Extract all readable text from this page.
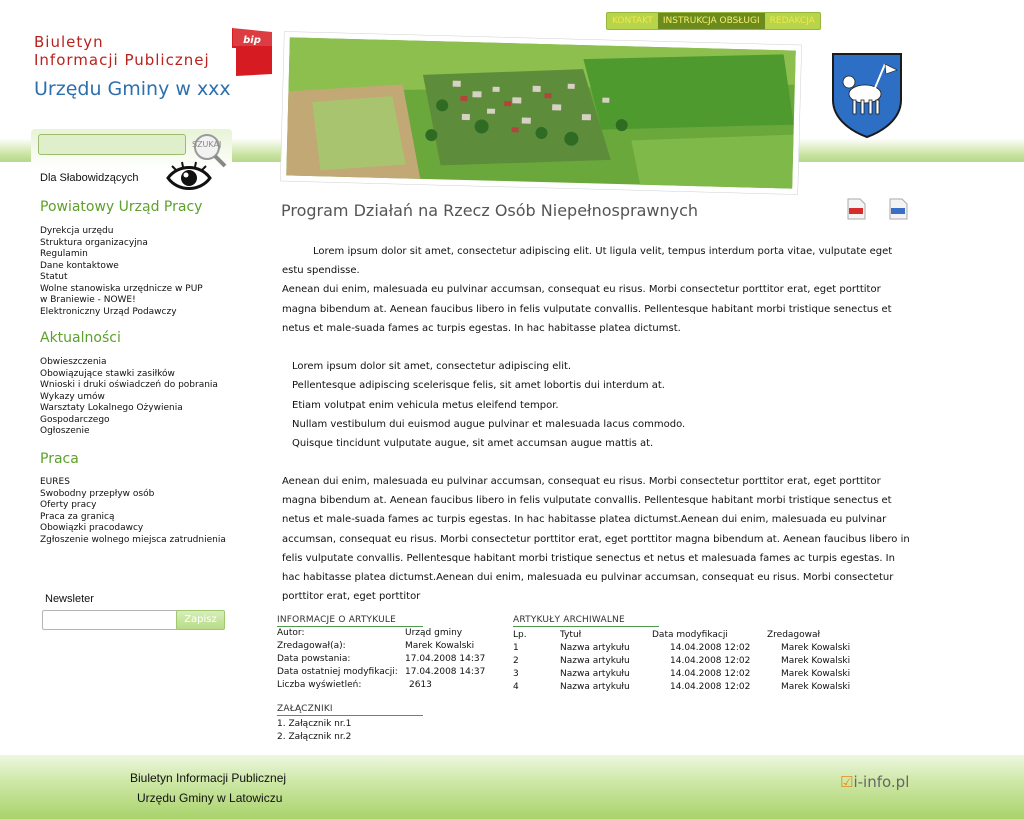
Biuletyn
Informacji Publicznej
Urzędu Gminy w xxx
bip
KONTAKT	INSTRUKCJA OBSŁUGI	REDAKCJA
SZUKAJ
Dla Słabowidzących
Powiatowy Urząd Pracy
Dyrekcja urzędu
Struktura organizacyjna
Regulamin
Dane kontaktowe
Statut
Wolne stanowiska urzędnicze w PUP w Braniewie - NOWE!
Elektroniczny Urząd Podawczy
Aktualności
Obwieszczenia
Obowiązujące stawki zasiłków
Wnioski i druki oświadczeń do pobrania
Wykazy umów
Warsztaty Lokalnego Ożywienia
Gospodarczego
Ogłoszenie
Praca
EURES
Swobodny przepływ osób
Oferty pracy
Praca za granicą
Obowiązki pracodawcy
Zgłoszenie wolnego miejsca zatrudnienia
Newsleter
Zapisz
Program Działań na Rzecz Osób Niepełnosprawnych
Lorem ipsum dolor sit amet, consectetur adipiscing elit. Ut ligula velit, tempus interdum porta vitae, vulputate eget estu spendisse.
Aenean dui enim, malesuada eu pulvinar accumsan, consequat eu risus. Morbi consectetur porttitor erat, eget porttitor magna bibendum at. Aenean faucibus libero in felis vulputate convallis. Pellentesque habitant morbi tristique senectus et netus et male-suada fames ac turpis egestas. In hac habitasse platea dictumst.
Lorem ipsum dolor sit amet, consectetur adipiscing elit.
Pellentesque adipiscing scelerisque felis, sit amet lobortis dui interdum at.
Etiam volutpat enim vehicula metus eleifend tempor.
Nullam vestibulum dui euismod augue pulvinar et malesuada lacus commodo.
Quisque tincidunt vulputate augue, sit amet accumsan augue mattis at.
Aenean dui enim, malesuada eu pulvinar accumsan, consequat eu risus. Morbi consectetur porttitor erat, eget porttitor magna bibendum at. Aenean faucibus libero in felis vulputate convallis. Pellentesque habitant morbi tristique senectus et netus et male-suada fames ac turpis egestas. In hac habitasse platea dictumst.Aenean dui enim, malesuada eu pulvinar accumsan, consequat eu risus. Morbi consectetur porttitor erat, eget porttitor magna bibendum at. Aenean faucibus libero in felis vulputate convallis. Pellentesque habitant morbi tristique senectus et netus et malesuada fames ac turpis egestas. In hac habitasse platea dictumst.Aenean dui enim, malesuada eu pulvinar accumsan, consequat eu risus. Morbi consectetur porttitor erat, eget porttitor
INFORMACJE O ARTYKULE
Autor:	Urząd gminy
Zredagował(a):	Marek Kowalski
Data powstania:	17.04.2008 14:37
Data ostatniej modyfikacji:	17.04.2008 14:37
Liczba wyświetleń:	2613
ZAŁĄCZNIKI
1. Załącznik nr.1
2. Załącznik nr.2
ARTYKUŁY ARCHIWALNE
Lp.	Tytuł	Data modyfikacji	Zredagował
1	Nazwa artykułu	14.04.2008 12:02	Marek Kowalski
2	Nazwa artykułu	14.04.2008 12:02	Marek Kowalski
3	Nazwa artykułu	14.04.2008 12:02	Marek Kowalski
4	Nazwa artykułu	14.04.2008 12:02	Marek Kowalski
Biuletyn Informacji Publicznej
Urzędu Gminy w Latowiczu
☑i-info.pl
